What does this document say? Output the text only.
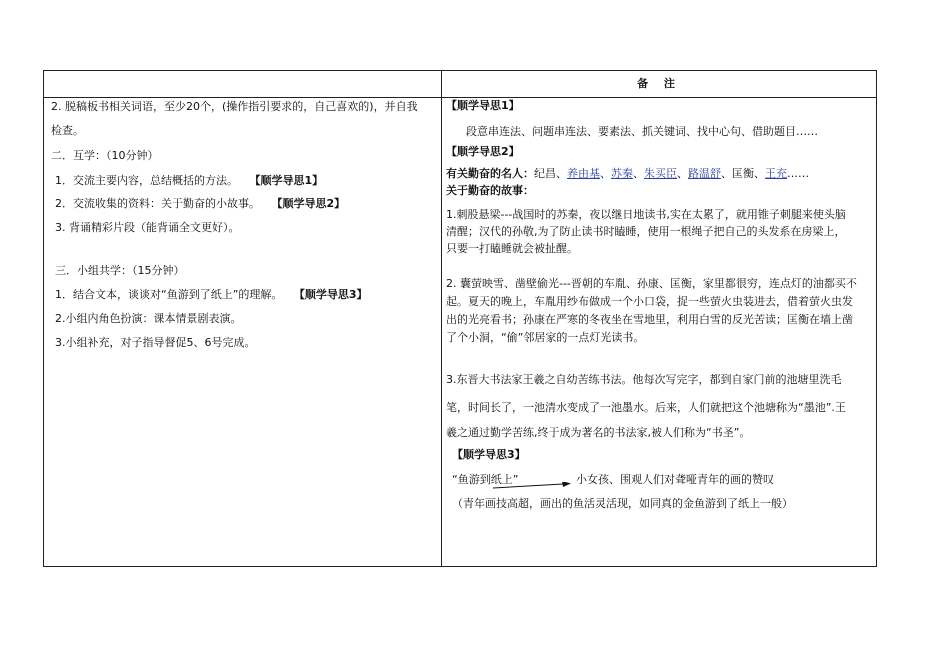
备 注
2. 脱稿板书相关词语，至少20个，(操作指引要求的，自己喜欢的)，并自我
检查。
二．互学：（10分钟）
1．交流主要内容，总结概括的方法。 【顺学导思1】
2．交流收集的资料：关于勤奋的小故事。 【顺学导思2】
3. 背诵精彩片段（能背诵全文更好）。
三．小组共学：（15分钟）
1．结合文本，谈谈对“鱼游到了纸上”的理解。 【顺学导思3】
2.小组内角色扮演：课本情景剧表演。
3.小组补充，对子指导督促5、6号完成。
【顺学导思1】
段意串连法、问题串连法、要素法、抓关键词、找中心句、借助题目……
【顺学导思2】
有关勤奋的名人：纪昌、养由基、苏秦、朱买臣、路温舒、匡衡、王充……
关于勤奋的故事：
1.刺股悬梁---战国时的苏秦，夜以继日地读书,实在太累了，就用锥子刺腿来使头脑
清醒；汉代的孙敬,为了防止读书时瞌睡，使用一根绳子把自己的头发系在房梁上，
只要一打瞌睡就会被扯醒。
2. 囊萤映雪、凿壁偷光---晋朝的车胤、孙康、匡衡，家里都很穷，连点灯的油都买不
起。夏天的晚上，车胤用纱布做成一个小口袋，捉一些萤火虫装进去，借着萤火虫发
出的光亮看书；孙康在严寒的冬夜坐在雪地里，利用白雪的反光苦读；匡衡在墙上凿
了个小洞，“偷”邻居家的一点灯光读书。
3.东晋大书法家王羲之自幼苦练书法。他每次写完字，都到自家门前的池塘里洗毛
笔，时间长了，一池清水变成了一池墨水。后来，人们就把这个池塘称为“墨池”.王
羲之通过勤学苦练,终于成为著名的书法家,被人们称为“书圣”。
【顺学导思3】
“鱼游到纸上”	小女孩、围观人们对聋哑青年的画的赞叹
（青年画技高超，画出的鱼活灵活现，如同真的金鱼游到了纸上一般）
